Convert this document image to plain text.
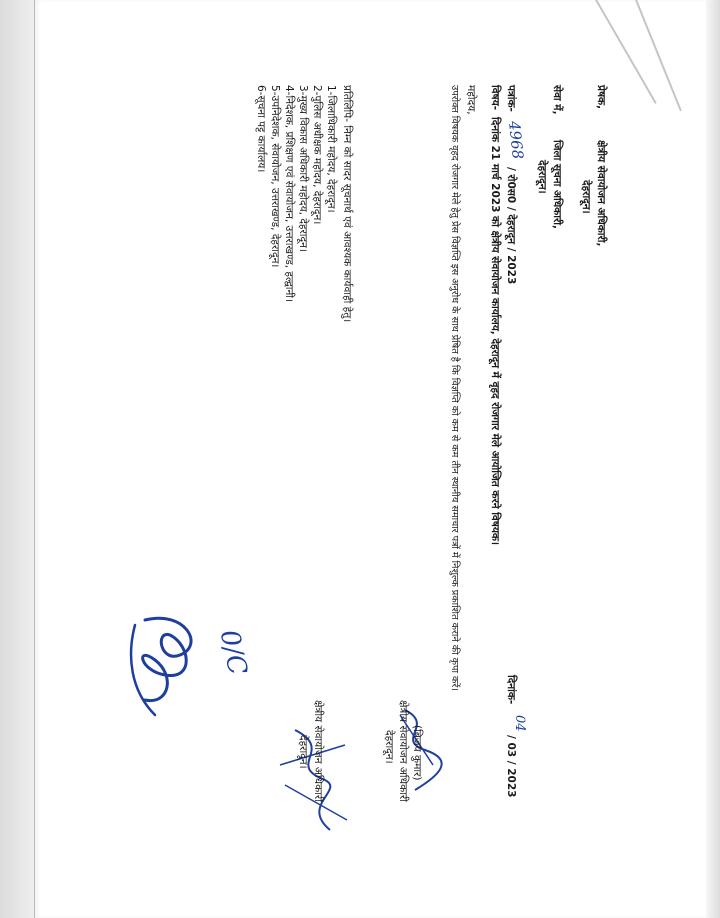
प्रेषक,
क्षेत्रीय सेवायोजन अधिकारी,
देहरादून।
सेवा में,
जिला सूचना अधिकारी,
देहरादून।
पत्रांक-
4968
/ रो0स0 / देहरादून / 2023
दिनांक-
04
/ 03 / 2023
विषय-
दिनांक 21 मार्च 2023 को क्षेत्रीय सेवायोजन कार्यालय, देहरादून में वृहद रोजगार मेले आयोजित करने विषयक।
महोदय,
उपरोक्त विषयक वृहद रोजगार मेले हेतु प्रेस विज्ञप्ति इस अनुरोध के साथ प्रेषित है कि विज्ञप्ति को कम से कम तीन स्थानीय समाचार पत्रों में निशुल्क प्रकाशित कराने की कृपा करें।
(बिजय कुमार)
क्षेत्रीय सेवायोजन अधिकारी
देहरादून।
प्रतिलिपि- निम्न को सादर सूचनार्थ एवं आवश्यक कार्यवाही हेतु।
1-जिलाधिकारी महोदय, देहरादून।
2-पुलिस अधीक्षक महोदय, देहरादून।
3-मुख्य विकास अधिकारी महोदय, देहरादून।
4-निदेशक, प्रशिक्षण एवं सेवायोजन, उत्तराखण्ड, हल्द्वानी।
5-उपनिदेशक, सेवायोजन, उत्तराखण्ड, देहरादून।
6-सूचना पट्ट कार्यालय।
0/C
क्षेत्रीय सेवायोजन अधिकारी
देहरादून।
